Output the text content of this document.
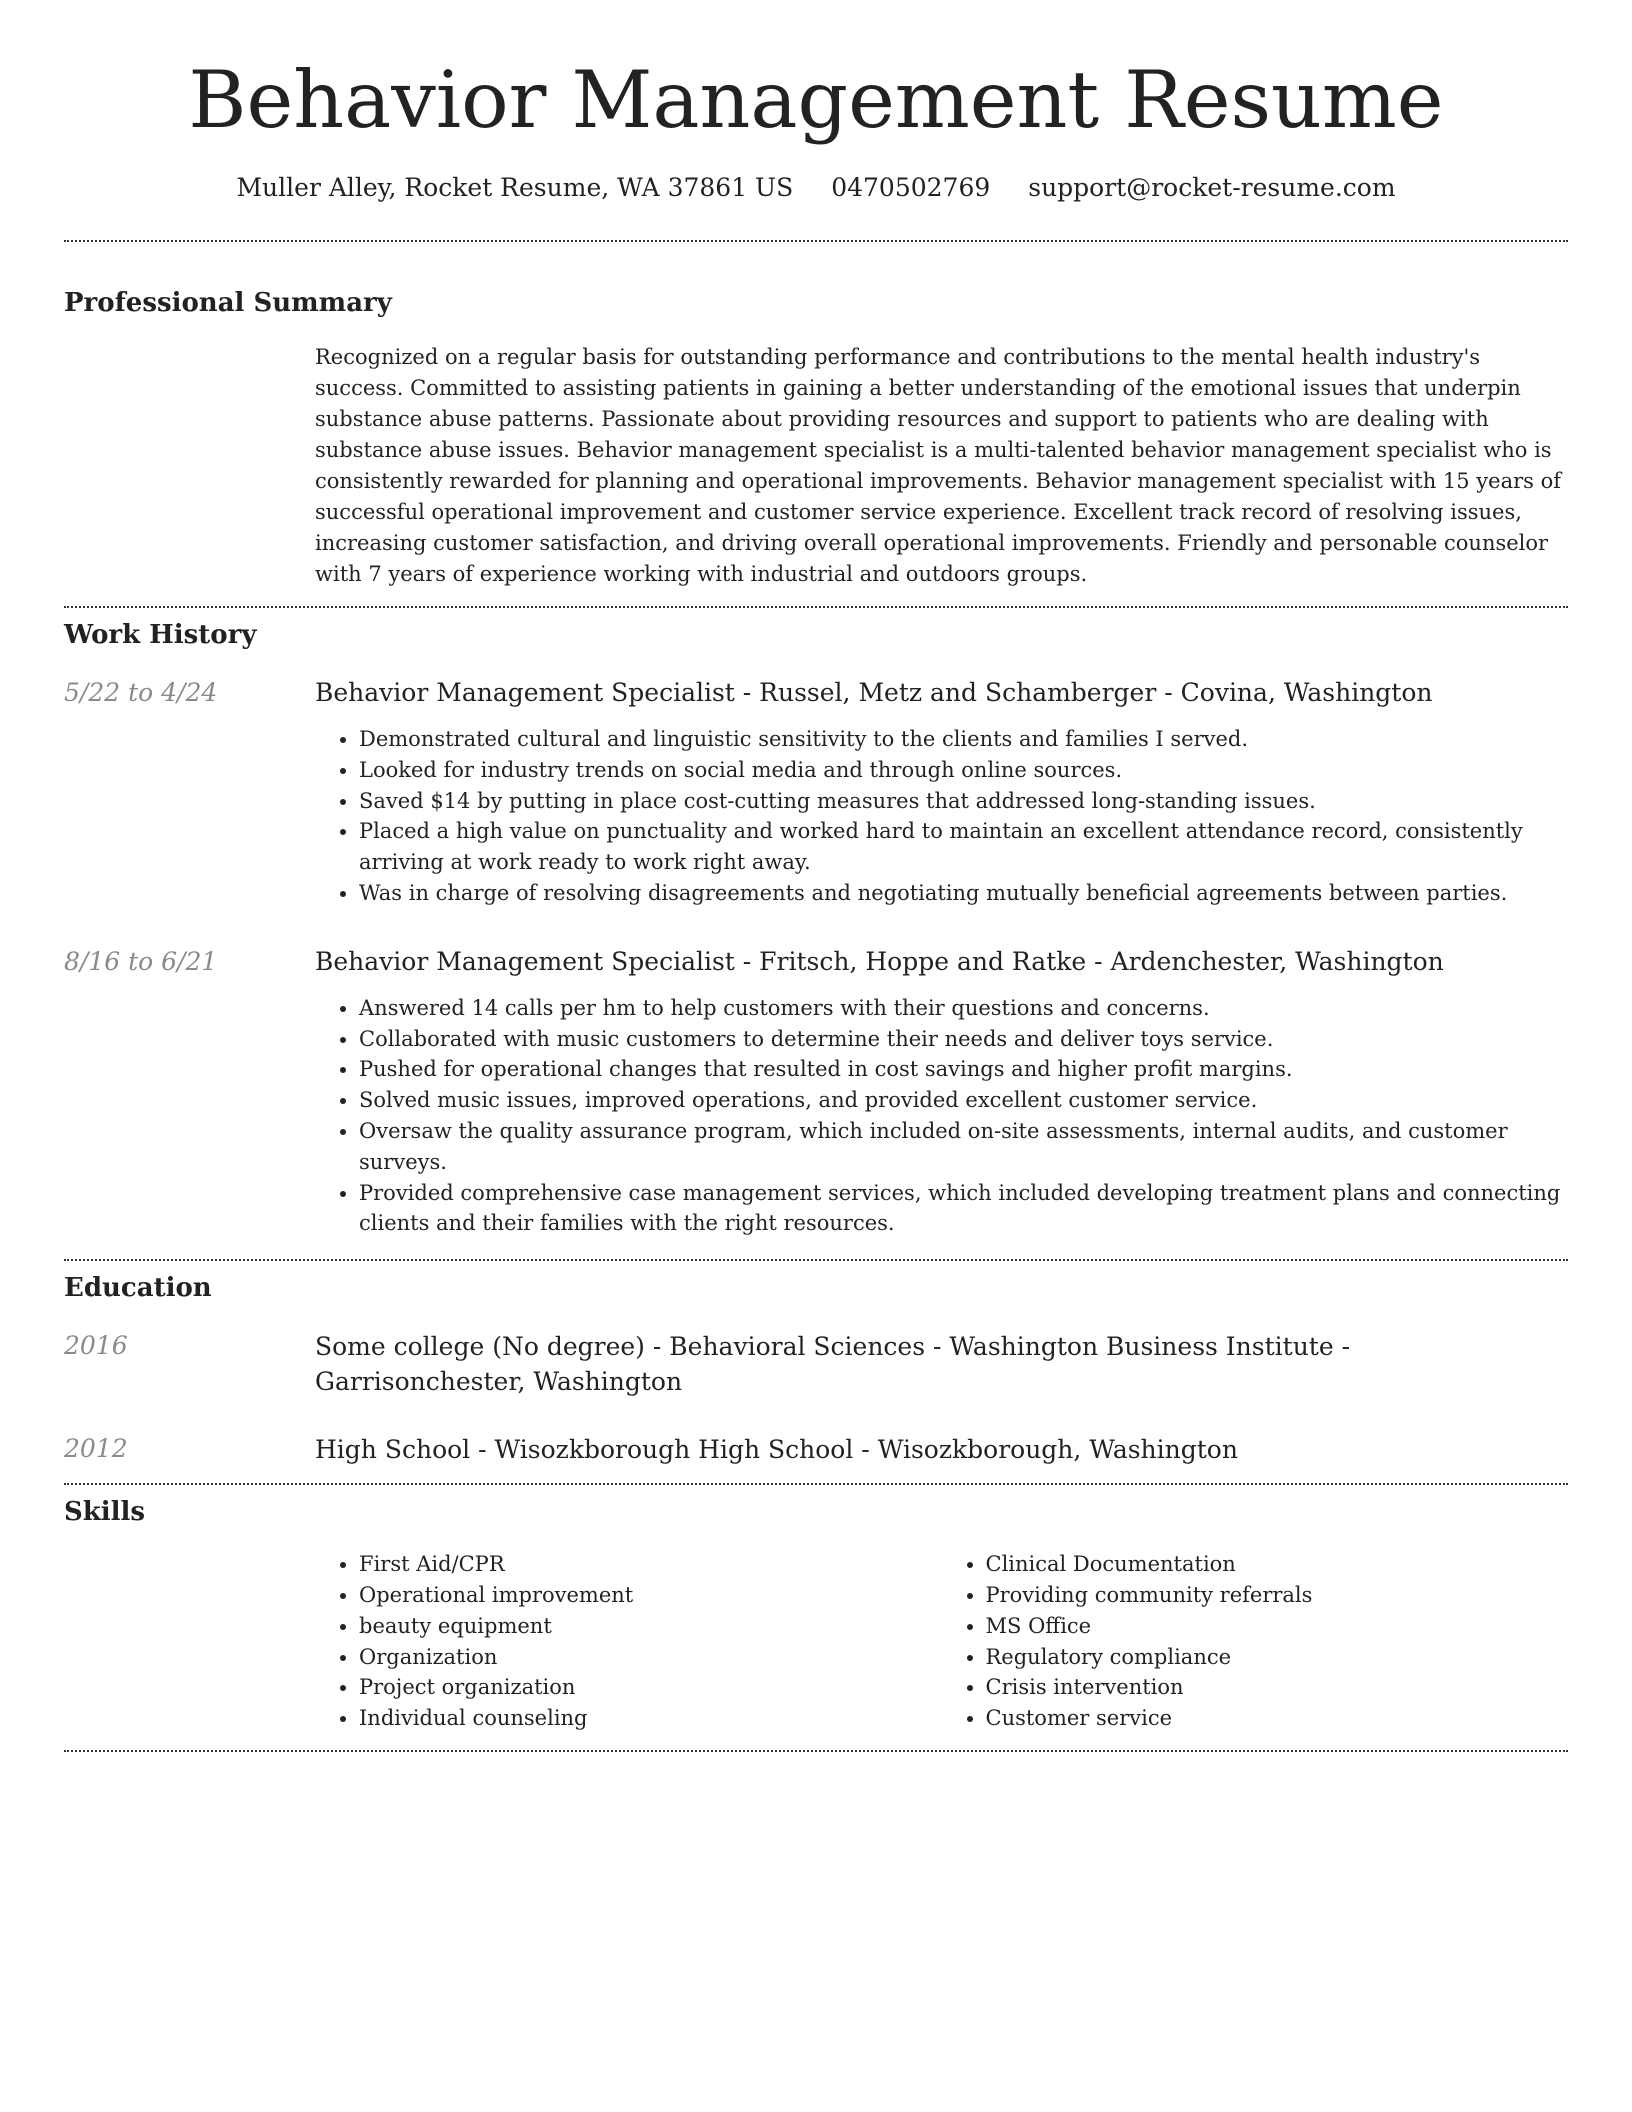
Behavior Management Resume
Muller Alley, Rocket Resume, WA 37861 US 0470502769 support@rocket-resume.com
Professional Summary

Recognized on a regular basis for outstanding performance and contributions to the mental health industry's success. Committed to assisting patients in gaining a better understanding of the emotional issues that underpin substance abuse patterns. Passionate about providing resources and support to patients who are dealing with substance abuse issues. Behavior management specialist is a multi-talented behavior management specialist who is consistently rewarded for planning and operational improvements. Behavior management specialist with 15 years of successful operational improvement and customer service experience. Excellent track record of resolving issues, increasing customer satisfaction, and driving overall operational improvements. Friendly and personable counselor with 7 years of experience working with industrial and outdoors groups.

Work History
5/22 to 4/24	Behavior Management Specialist - Russel, Metz and Schamberger - Covina, Washington
• Demonstrated cultural and linguistic sensitivity to the clients and families I served.
• Looked for industry trends on social media and through online sources.
• Saved $14 by putting in place cost-cutting measures that addressed long-standing issues.
• Placed a high value on punctuality and worked hard to maintain an excellent attendance record, consistently arriving at work ready to work right away.
• Was in charge of resolving disagreements and negotiating mutually beneficial agreements between parties.
8/16 to 6/21	Behavior Management Specialist - Fritsch, Hoppe and Ratke - Ardenchester, Washington
• Answered 14 calls per hm to help customers with their questions and concerns.
• Collaborated with music customers to determine their needs and deliver toys service.
• Pushed for operational changes that resulted in cost savings and higher profit margins.
• Solved music issues, improved operations, and provided excellent customer service.
• Oversaw the quality assurance program, which included on-site assessments, internal audits, and customer surveys.
• Provided comprehensive case management services, which included developing treatment plans and connecting clients and their families with the right resources.
Education
2016	Some college (No degree) - Behavioral Sciences - Washington Business Institute - Garrisonchester, Washington
2012	High School - Wisozkborough High School - Wisozkborough, Washington
Skills
• First Aid/CPR
• Operational improvement
• beauty equipment
• Organization
• Project organization
• Individual counseling
• Clinical Documentation
• Providing community referrals
• MS Office
• Regulatory compliance
• Crisis intervention
• Customer service
